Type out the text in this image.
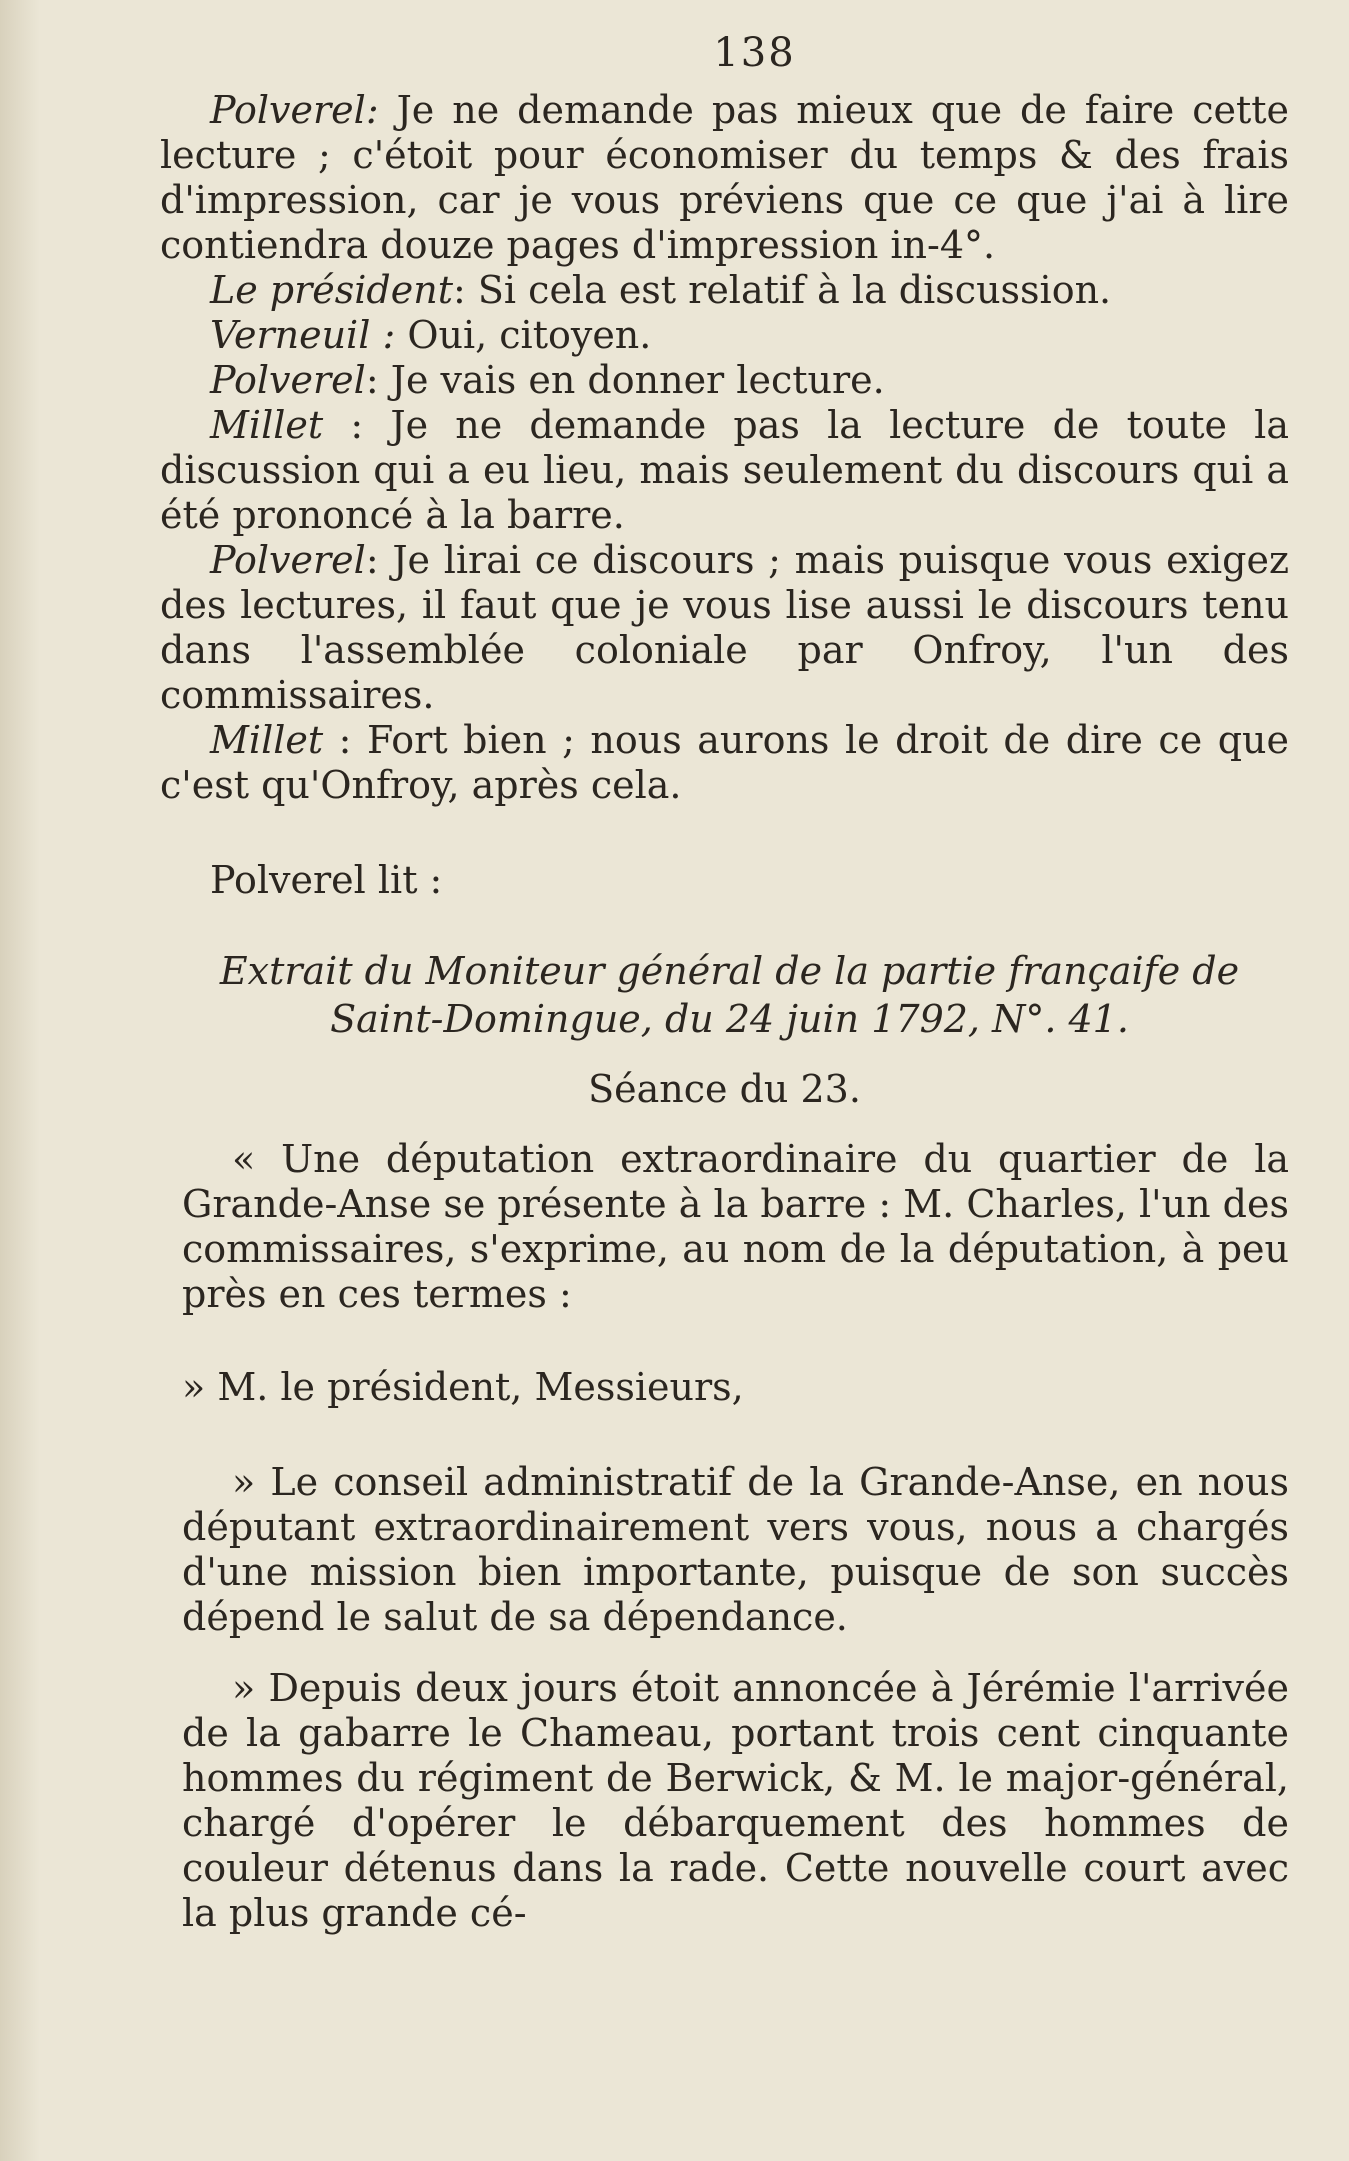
138

Polverel: Je ne demande pas mieux que de faire cette lecture ; c'étoit pour économiser du temps & des frais d'impression, car je vous préviens que ce que j'ai à lire contiendra douze pages d'impression in-4°.

Le président: Si cela est relatif à la discussion.

Verneuil : Oui, citoyen.

Polverel: Je vais en donner lecture.

Millet : Je ne demande pas la lecture de toute la discussion qui a eu lieu, mais seulement du discours qui a été prononcé à la barre.

Polverel: Je lirai ce discours ; mais puisque vous exigez des lectures, il faut que je vous lise aussi le discours tenu dans l'assemblée coloniale par Onfroy, l'un des commissaires.

Millet : Fort bien ; nous aurons le droit de dire ce que c'est qu'Onfroy, après cela.

Polverel lit :

Extrait du Moniteur général de la partie françaife de Saint-Domingue, du 24 juin 1792, N°. 41.
Séance du 23.

« Une députation extraordinaire du quartier de la Grande-Anse se présente à la barre : M. Charles, l'un des commissaires, s'exprime, au nom de la députation, à peu près en ces termes :

» M. le président, Messieurs,

» Le conseil administratif de la Grande-Anse, en nous députant extraordinairement vers vous, nous a chargés d'une mission bien importante, puisque de son succès dépend le salut de sa dépendance.

» Depuis deux jours étoit annoncée à Jérémie l'arrivée de la gabarre le Chameau, portant trois cent cinquante hommes du régiment de Berwick, & M. le major-général, chargé d'opérer le débarquement des hommes de couleur détenus dans la rade. Cette nouvelle court avec la plus grande cé-
